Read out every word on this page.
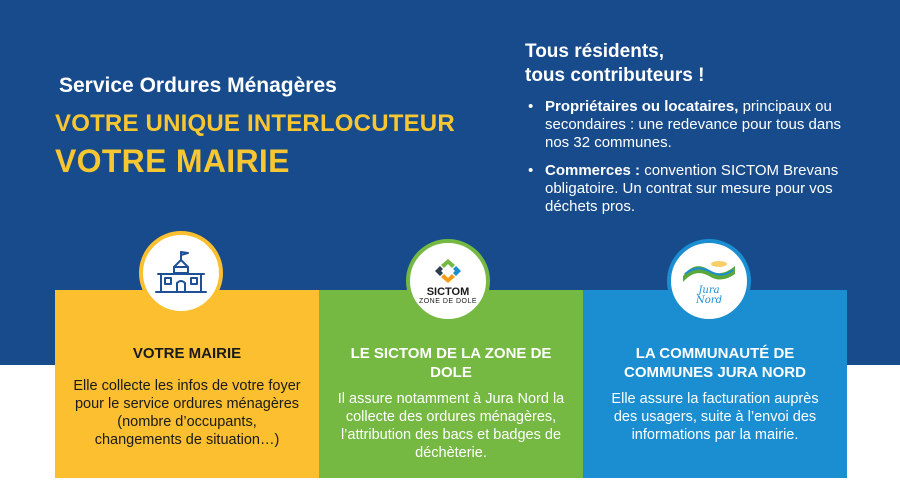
Service Ordures Ménagères
VOTRE UNIQUE INTERLOCUTEUR
VOTRE MAIRIE

Tous résidents,
tous contributeurs !

• Propriétaires ou locataires, principaux ou secondaires : une redevance pour tous dans nos 32 communes.
• Commerces : convention SICTOM Brevans obligatoire. Un contrat sur mesure pour vos déchets pros.
VOTRE MAIRIE
Elle collecte les infos de votre foyer pour le service ordures ménagères (nombre d’occupants, changements de situation…)
LE SICTOM DE LA ZONE DE DOLE
Il assure notamment à Jura Nord la collecte des ordures ménagères, l’attribution des bacs et badges de déchèterie.
LA COMMUNAUTÉ DE COMMUNES JURA NORD
Elle assure la facturation auprès des usagers, suite à l’envoi des informations par la mairie.
SICTOM
ZONE DE DOLE
Jura
Nord
